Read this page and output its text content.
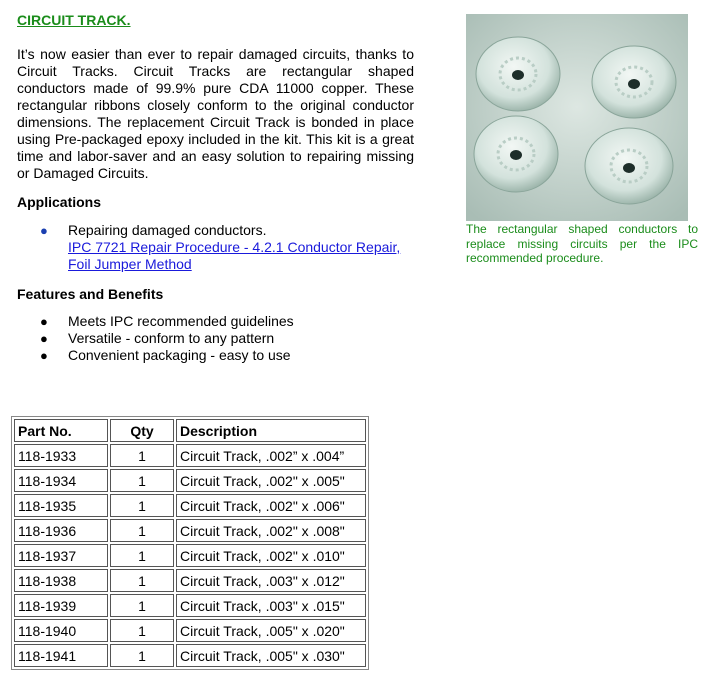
CIRCUIT TRACK.

It’s now easier than ever to repair damaged circuits, thanks to Circuit Tracks. Circuit Tracks are rectangular shaped conductors made of 99.9% pure CDA 11000 copper. These rectangular ribbons closely conform to the original conductor dimensions. The replacement Circuit Track is bonded in place using Pre-packaged epoxy included in the kit. This kit is a great time and labor-saver and an easy solution to repairing missing or Damaged Circuits.

Applications
● Repairing damaged conductors.
IPC 7721 Repair Procedure - 4.2.1 Conductor Repair, Foil Jumper Method
Features and Benefits
● Meets IPC recommended guidelines
● Versatile - conform to any pattern
● Convenient packaging - easy to use

The rectangular shaped conductors to replace missing circuits per the IPC recommended procedure.

Part No.	Qty	Description
118-1933	1	Circuit Track, .002” x .004”
118-1934	1	Circuit Track, .002" x .005"
118-1935	1	Circuit Track, .002" x .006"
118-1936	1	Circuit Track, .002" x .008"
118-1937	1	Circuit Track, .002" x .010"
118-1938	1	Circuit Track, .003" x .012"
118-1939	1	Circuit Track, .003" x .015"
118-1940	1	Circuit Track, .005" x .020"
118-1941	1	Circuit Track, .005" x .030"
